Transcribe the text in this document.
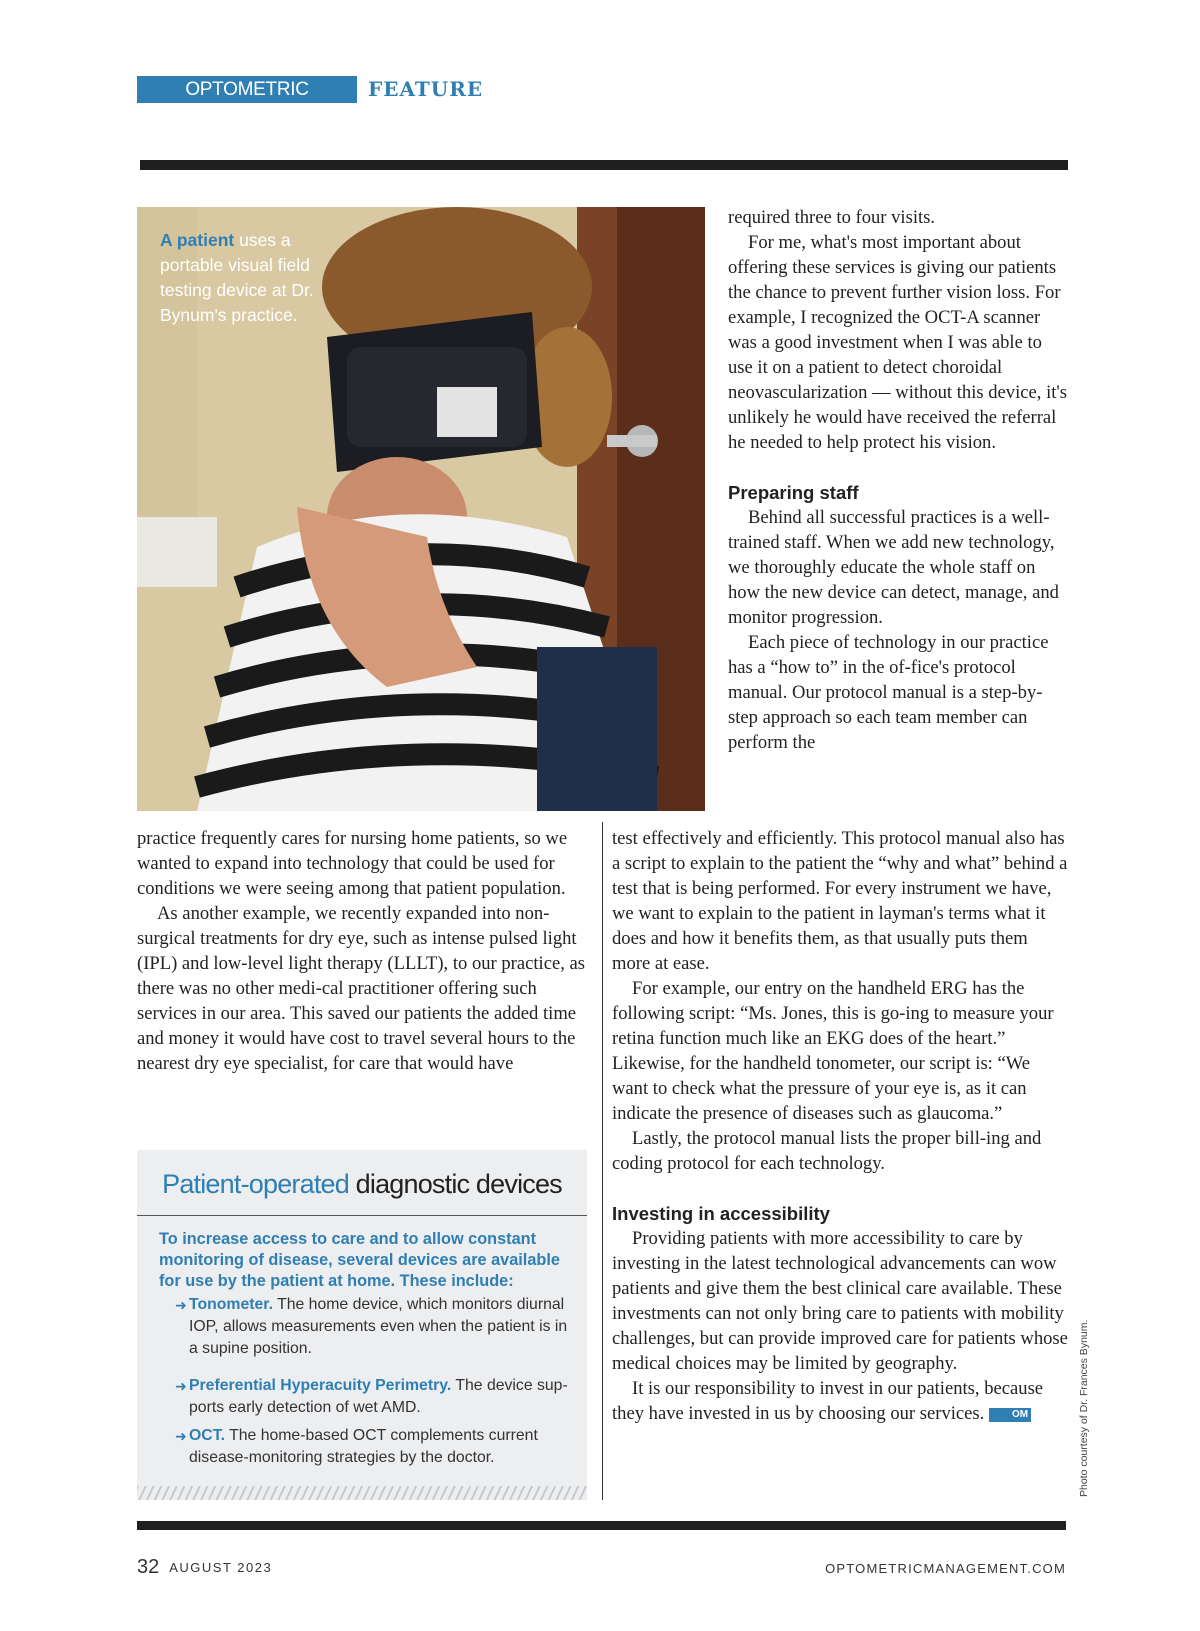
OPTOMETRIC MANAGEMENT
FEATURE
A patient uses a portable visual field testing device at Dr. Bynum's practice.

required three to four visits.

For me, what's most important about offering these services is giving our patients the chance to prevent further vision loss. For example, I recognized the OCT-A scanner was a good investment when I was able to use it on a patient to detect choroidal neovascularization — without this device, it's unlikely he would have received the referral he needed to help protect his vision.

Preparing staff

Behind all successful practices is a well-trained staff. When we add new technology, we thoroughly educate the whole staff on how the new device can detect, manage, and monitor progression.

Each piece of technology in our practice has a “how to” in the of-fice's protocol manual. Our protocol manual is a step-by-step approach so each team member can perform the

practice frequently cares for nursing home patients, so we wanted to expand into technology that could be used for conditions we were seeing among that patient population.

As another example, we recently expanded into non-surgical treatments for dry eye, such as intense pulsed light (IPL) and low-level light therapy (LLLT), to our practice, as there was no other medi-cal practitioner offering such services in our area. This saved our patients the added time and money it would have cost to travel several hours to the nearest dry eye specialist, for care that would have

test effectively and efficiently. This protocol manual also has a script to explain to the patient the “why and what” behind a test that is being performed. For every instrument we have, we want to explain to the patient in layman's terms what it does and how it benefits them, as that usually puts them more at ease.

For example, our entry on the handheld ERG has the following script: “Ms. Jones, this is go-ing to measure your retina function much like an EKG does of the heart.” Likewise, for the handheld tonometer, our script is: “We want to check what the pressure of your eye is, as it can indicate the presence of diseases such as glaucoma.”

Lastly, the protocol manual lists the proper bill-ing and coding protocol for each technology.

Investing in accessibility

Providing patients with more accessibility to care by investing in the latest technological advancements can wow patients and give them the best clinical care available. These investments can not only bring care to patients with mobility challenges, but can provide improved care for patients whose medical choices may be limited by geography.

It is our responsibility to invest in our patients, because they have invested in us by choosing our services.	OM

Patient-operated diagnostic devices
To increase access to care and to allow constant monitoring of disease, several devices are available for use by the patient at home. These include:
➜ Tonometer. The home device, which monitors diurnal IOP, allows measurements even when the patient is in a supine position.
➜ Preferential Hyperacuity Perimetry. The device sup-ports early detection of wet AMD.
➜ OCT. The home-based OCT complements current disease-monitoring strategies by the doctor.	Photo courtesy of Dr. Frances Bynum.
32 AUGUST 2023	OPTOMETRICMANAGEMENT.COM
